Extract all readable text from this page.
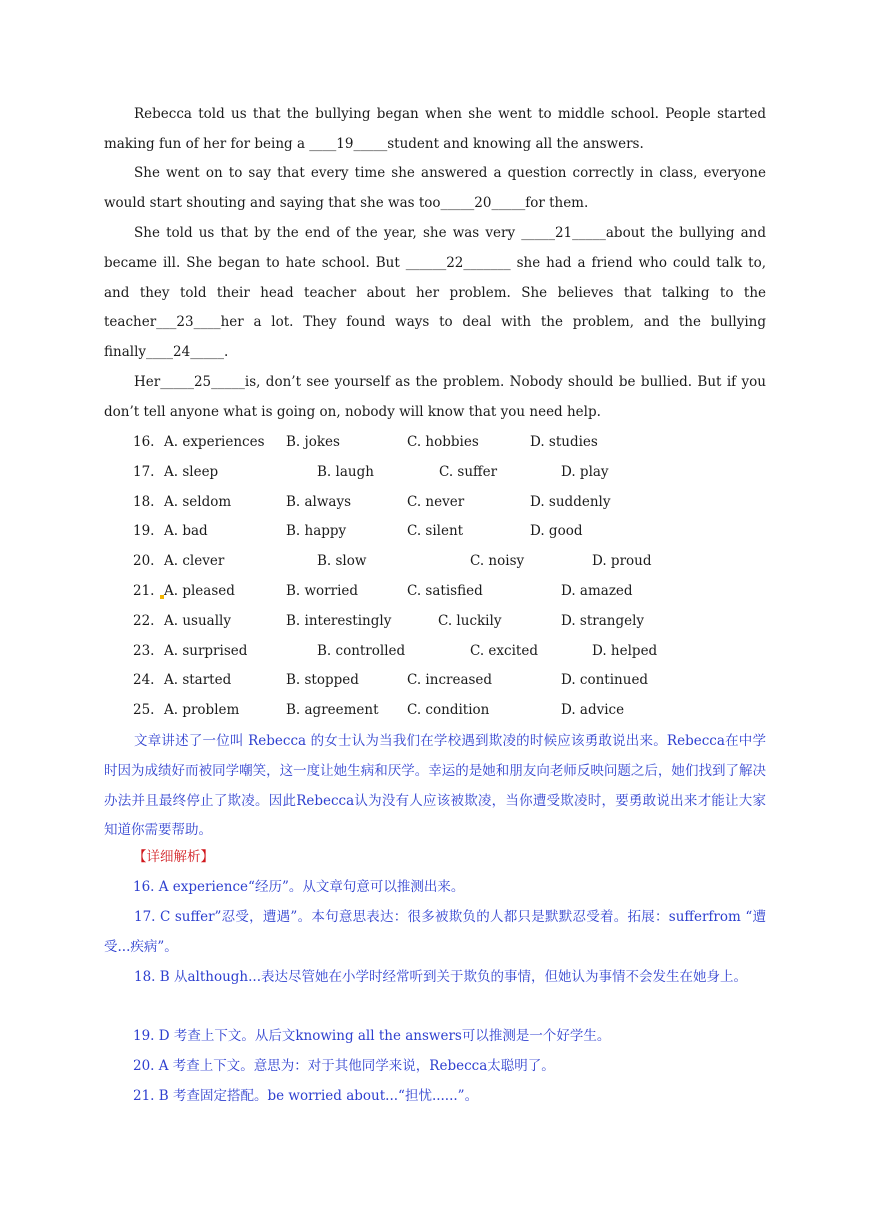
Rebecca told us that the bullying began when she went to middle school. People started making fun of her for being a ____19_____student and knowing all the answers.

She went on to say that every time she answered a question correctly in class, everyone would start shouting and saying that she was too_____20_____for them.

She told us that by the end of the year, she was very _____21_____about the bullying and became ill. She began to hate school. But ______22_______ she had a friend who could talk to, and they told their head teacher about her problem. She believes that talking to the teacher___23____her a lot. They found ways to deal with the problem, and the bullying finally____24_____.

Her_____25_____is, don’t see yourself as the problem. Nobody should be bullied. But if you don’t tell anyone what is going on, nobody will know that you need help.

16. A. experiences B. jokes	C. hobbies	D. studies
17. A. sleep	B. laugh	C. suffer	D. play
18. A. seldom	B. always	C. never	D. suddenly
19. A. bad	B. happy	C. silent	D. good
20. A. clever	B. slow	C. noisy	D. proud
21. A. pleased	B. worried	C. satisfied	D. amazed
22. A. usually	B. interestingly	C. luckily	D. strangely
23. A. surprised	B. controlled	C. excited	D. helped
24. A. started	B. stopped	C. increased	D. continued
25. A. problem	B. agreement C. condition	D. advice

文章讲述了一位叫 Rebecca 的女士认为当我们在学校遇到欺凌的时候应该勇敢说出来。Rebecca在中学时因为成绩好而被同学嘲笑，这一度让她生病和厌学。幸运的是她和朋友向老师反映问题之后，她们找到了解决办法并且最终停止了欺凌。因此Rebecca认为没有人应该被欺凌，当你遭受欺凌时，要勇敢说出来才能让大家知道你需要帮助。

【详细解析】
16. A experience“经历”。从文章句意可以推测出来。

17. C suffer”忍受，遭遇”。本句意思表达：很多被欺负的人都只是默默忍受着。拓展：sufferfrom “遭受...疾病”。

18. B 从although...表达尽管她在小学时经常听到关于欺负的事情，但她认为事情不会发生在她身上。

19. D 考查上下文。从后文knowing all the answers可以推测是一个好学生。
20. A 考查上下文。意思为：对于其他同学来说，Rebecca太聪明了。
21. B 考查固定搭配。be worried about...“担忧......”。
